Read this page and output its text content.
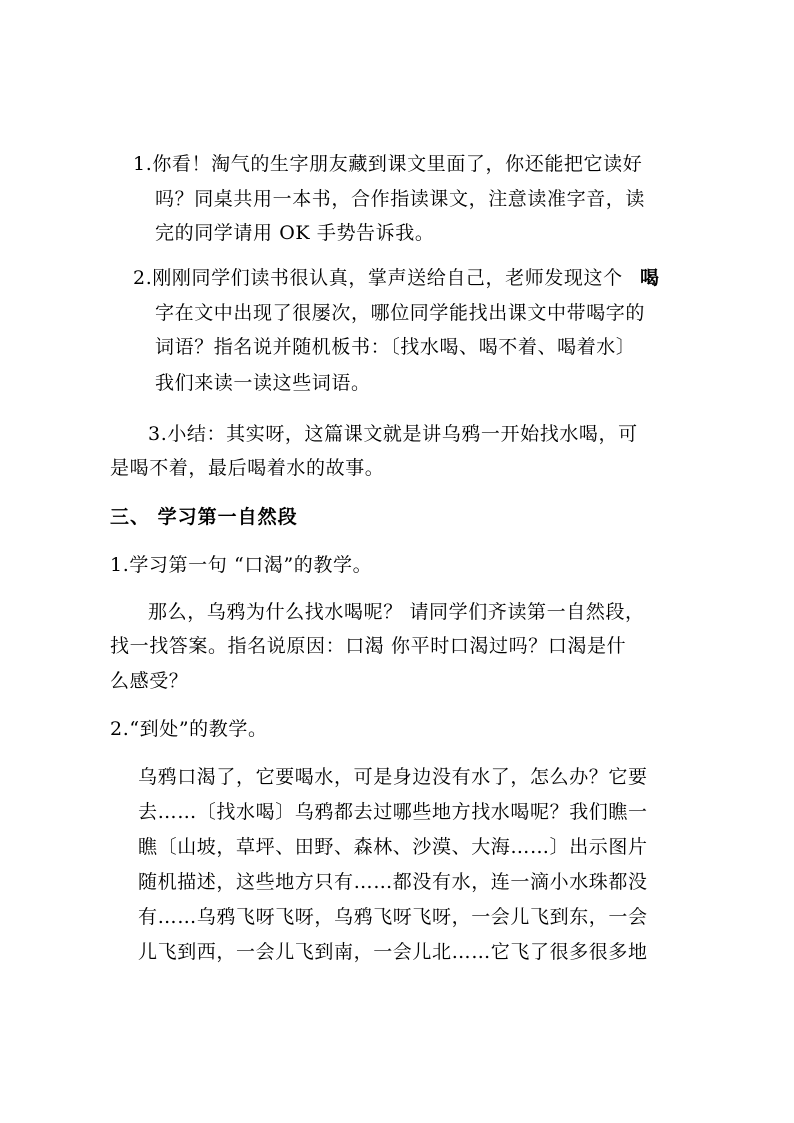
1.你看！淘气的生字朋友藏到课文里面了，你还能把它读好
吗？同桌共用一本书，合作指读课文，注意读准字音，读
完的同学请用 OK 手势告诉我。
2.刚刚同学们读书很认真，掌声送给自己，老师发现这个 喝
字在文中出现了很屡次，哪位同学能找出课文中带喝字的
词语？指名说并随机板书：〔找水喝、喝不着、喝着水〕
我们来读一读这些词语。
3.小结：其实呀，这篇课文就是讲乌鸦一开始找水喝，可
是喝不着，最后喝着水的故事。
三、 学习第一自然段
1.学习第一句 “口渴”的教学。
那么，乌鸦为什么找水喝呢？ 请同学们齐读第一自然段，
找一找答案。指名说原因：口渴 你平时口渴过吗？口渴是什
么感受？
2.“到处”的教学。
乌鸦口渴了，它要喝水，可是身边没有水了，怎么办？它要
去……〔找水喝〕乌鸦都去过哪些地方找水喝呢？我们瞧一
瞧〔山坡，草坪、田野、森林、沙漠、大海……〕出示图片
随机描述，这些地方只有……都没有水，连一滴小水珠都没
有……乌鸦飞呀飞呀，乌鸦飞呀飞呀，一会儿飞到东，一会
儿飞到西，一会儿飞到南，一会儿北……它飞了很多很多地
